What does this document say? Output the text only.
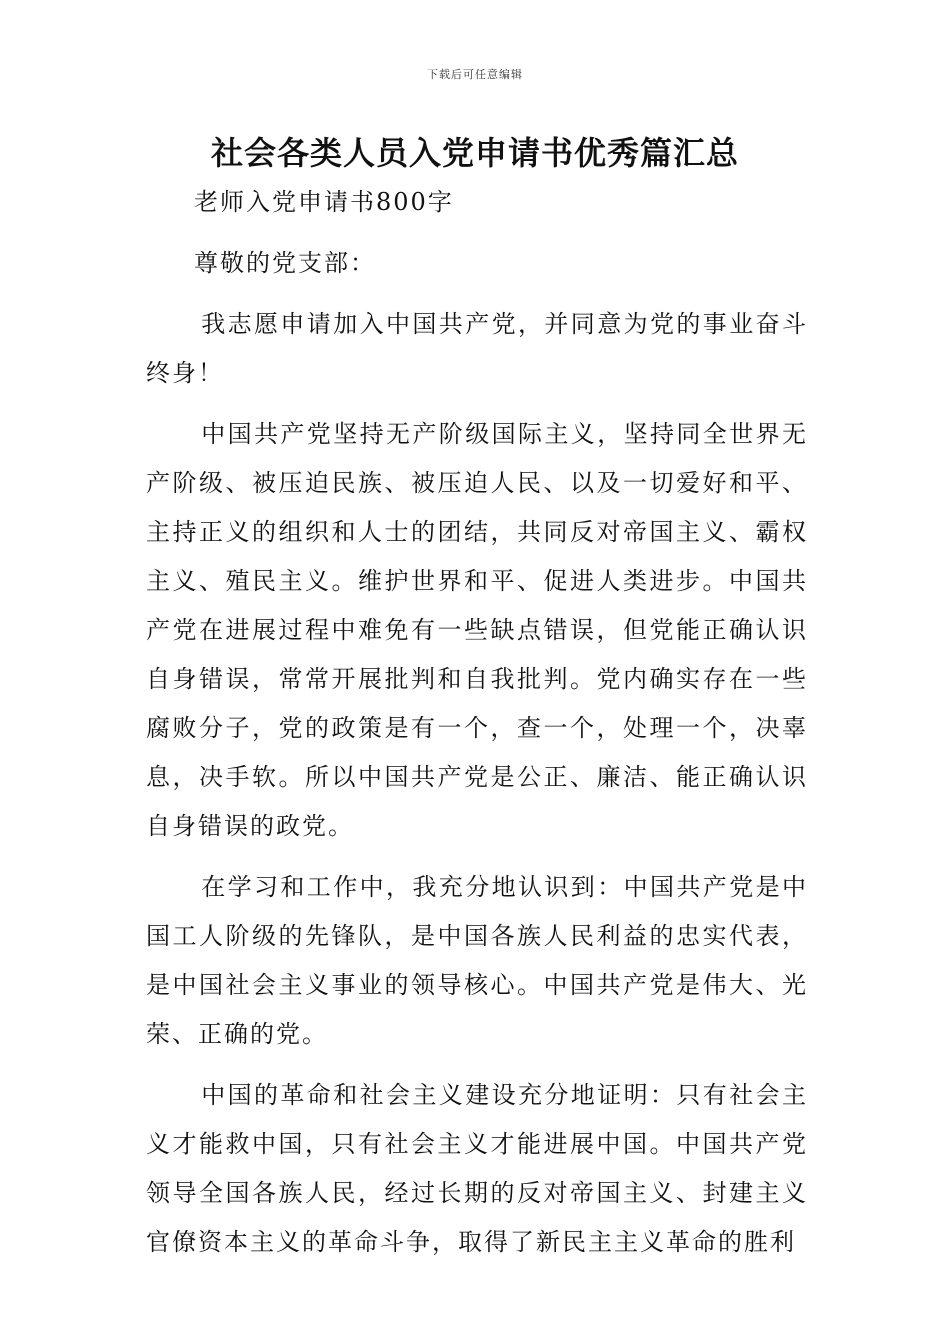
下载后可任意编辑
社会各类人员入党申请书优秀篇汇总

老师入党申请书800字

尊敬的党支部：

我志愿申请加入中国共产党，并同意为党的事业奋斗终身！

中国共产党坚持无产阶级国际主义，坚持同全世界无产阶级、被压迫民族、被压迫人民、以及一切爱好和平、主持正义的组织和人士的团结，共同反对帝国主义、霸权主义、殖民主义。维护世界和平、促进人类进步。中国共产党在进展过程中难免有一些缺点错误，但党能正确认识自身错误，常常开展批判和自我批判。党内确实存在一些腐败分子，党的政策是有一个，查一个，处理一个，决辜息，决手软。所以中国共产党是公正、廉洁、能正确认识自身错误的政党。

在学习和工作中，我充分地认识到：中国共产党是中国工人阶级的先锋队，是中国各族人民利益的忠实代表，是中国社会主义事业的领导核心。中国共产党是伟大、光荣、正确的党。

中国的革命和社会主义建设充分地证明：只有社会主义才能救中国，只有社会主义才能进展中国。中国共产党领导全国各族人民，经过长期的反对帝国主义、封建主义官僚资本主义的革命斗争，取得了新民主主义革命的胜利
